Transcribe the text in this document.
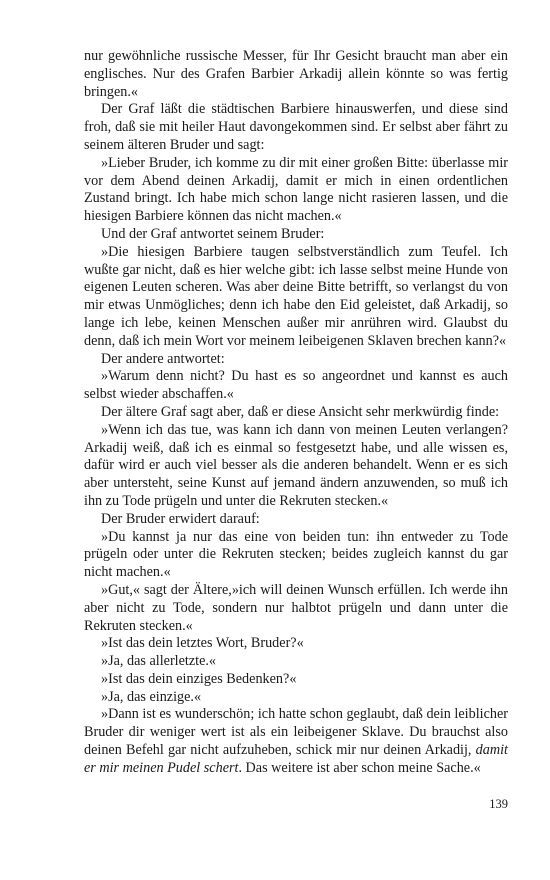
nur gewöhnliche russische Messer, für Ihr Gesicht braucht man aber ein englisches. Nur des Grafen Barbier Arkadij allein könnte so was fertig bringen.«

Der Graf läßt die städtischen Barbiere hinauswerfen, und diese sind froh, daß sie mit heiler Haut davongekommen sind. Er selbst aber fährt zu seinem älteren Bruder und sagt:

»Lieber Bruder, ich komme zu dir mit einer großen Bitte: überlasse mir vor dem Abend deinen Arkadij, damit er mich in einen ordentlichen Zustand bringt. Ich habe mich schon lange nicht rasieren lassen, und die hiesigen Barbiere können das nicht machen.«

Und der Graf antwortet seinem Bruder:

»Die hiesigen Barbiere taugen selbstverständlich zum Teufel. Ich wußte gar nicht, daß es hier welche gibt: ich lasse selbst meine Hunde von eigenen Leuten scheren. Was aber deine Bitte betrifft, so verlangst du von mir etwas Unmögliches; denn ich habe den Eid geleistet, daß Arkadij, so lange ich lebe, keinen Menschen außer mir anrühren wird. Glaubst du denn, daß ich mein Wort vor meinem leibeigenen Sklaven brechen kann?«

Der andere antwortet:

»Warum denn nicht? Du hast es so angeordnet und kannst es auch selbst wieder abschaffen.«

Der ältere Graf sagt aber, daß er diese Ansicht sehr merkwürdig finde:

»Wenn ich das tue, was kann ich dann von meinen Leuten verlangen? Arkadij weiß, daß ich es einmal so festgesetzt habe, und alle wissen es, dafür wird er auch viel besser als die anderen behandelt. Wenn er es sich aber untersteht, seine Kunst auf jemand ändern anzuwenden, so muß ich ihn zu Tode prügeln und unter die Rekruten stecken.«

Der Bruder erwidert darauf:

»Du kannst ja nur das eine von beiden tun: ihn entweder zu Tode prügeln oder unter die Rekruten stecken; beides zugleich kannst du gar nicht machen.«

»Gut,« sagt der Ältere,»ich will deinen Wunsch erfüllen. Ich werde ihn aber nicht zu Tode, sondern nur halbtot prügeln und dann unter die Rekruten stecken.«

»Ist das dein letztes Wort, Bruder?«

»Ja, das allerletzte.«

»Ist das dein einziges Bedenken?«

»Ja, das einzige.«

»Dann ist es wunderschön; ich hatte schon geglaubt, daß dein leiblicher Bruder dir weniger wert ist als ein leibeigener Sklave. Du brauchst also deinen Befehl gar nicht aufzuheben, schick mir nur deinen Arkadij, damit er mir meinen Pudel schert. Das weitere ist aber schon meine Sache.«

139
